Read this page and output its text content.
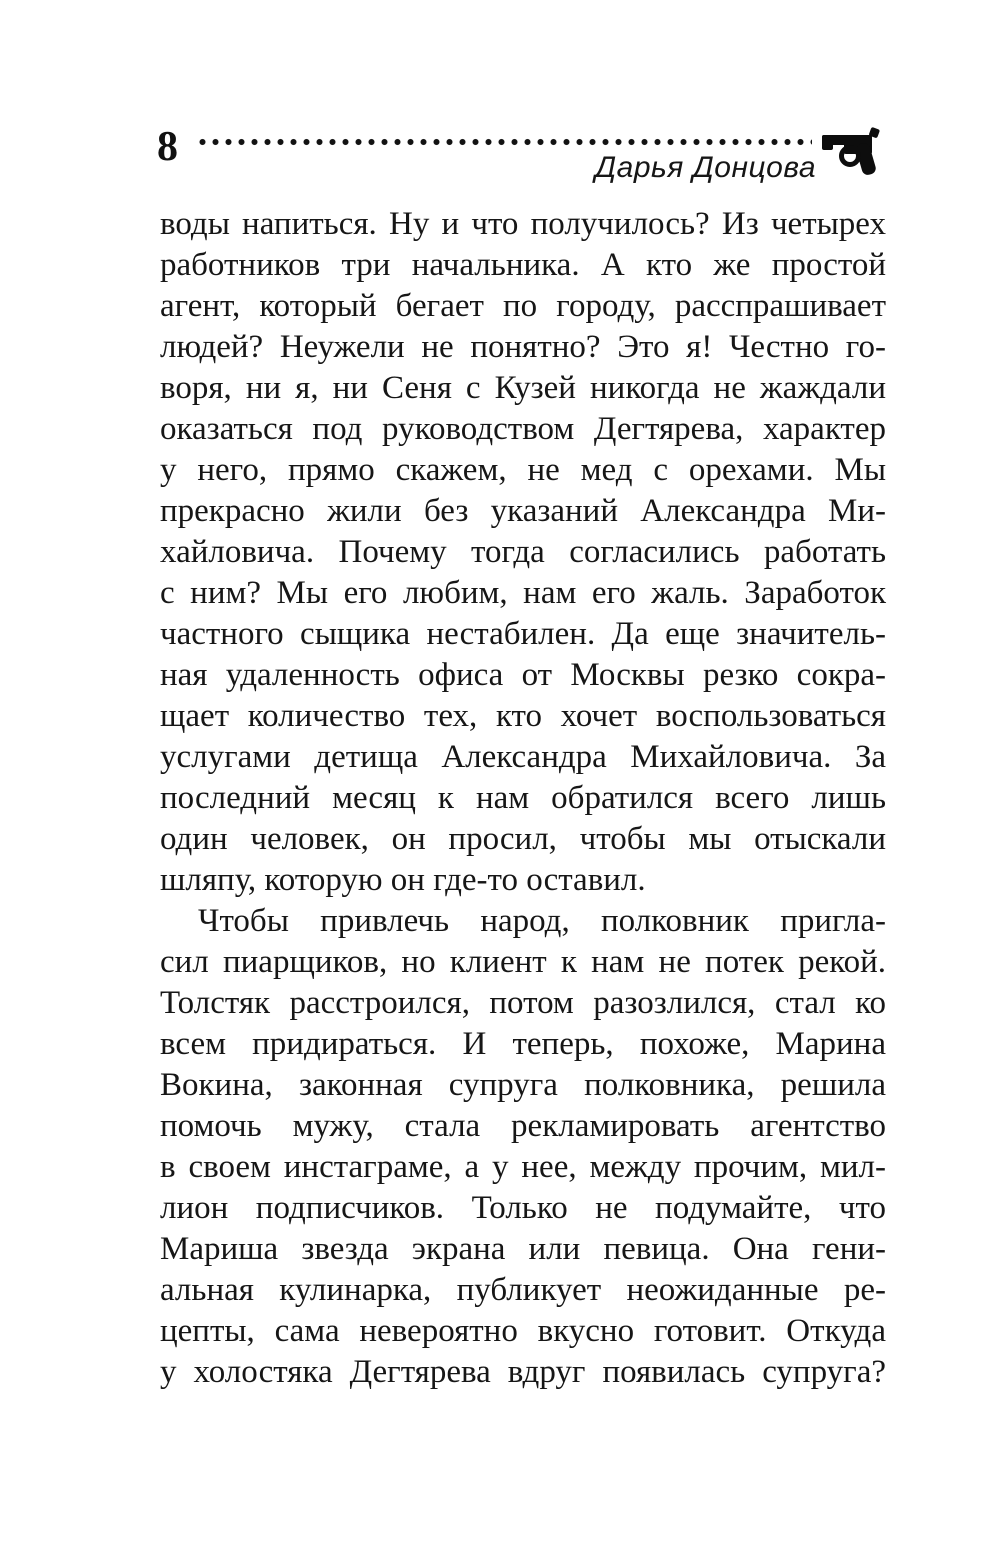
8	Дарья Донцова
воды напиться. Ну и что получилось? Из четырех
работников три начальника. А кто же простой
агент, который бегает по городу, расспрашивает
людей? Неужели не понятно? Это я! Честно го-
воря, ни я, ни Сеня с Кузей никогда не жаждали
оказаться под руководством Дегтярева, характер
у него, прямо скажем, не мед с орехами. Мы
прекрасно жили без указаний Александра Ми-
хайловича. Почему тогда согласились работать
с ним? Мы его любим, нам его жаль. Заработок
частного сыщика нестабилен. Да еще значитель-
ная удаленность офиса от Москвы резко сокра-
щает количество тех, кто хочет воспользоваться
услугами детища Александра Михайловича. За
последний месяц к нам обратился всего лишь
один человек, он просил, чтобы мы отыскали
шляпу, которую он где-то оставил.
Чтобы привлечь народ, полковник пригла-
сил пиарщиков, но клиент к нам не потек рекой.
Толстяк расстроился, потом разозлился, стал ко
всем придираться. И теперь, похоже, Марина
Вокина, законная супруга полковника, решила
помочь мужу, стала рекламировать агентство
в своем инстаграме, а у нее, между прочим, мил-
лион подписчиков. Только не подумайте, что
Мариша звезда экрана или певица. Она гени-
альная кулинарка, публикует неожиданные ре-
цепты, сама невероятно вкусно готовит. Откуда
у холостяка Дегтярева вдруг появилась супруга?
